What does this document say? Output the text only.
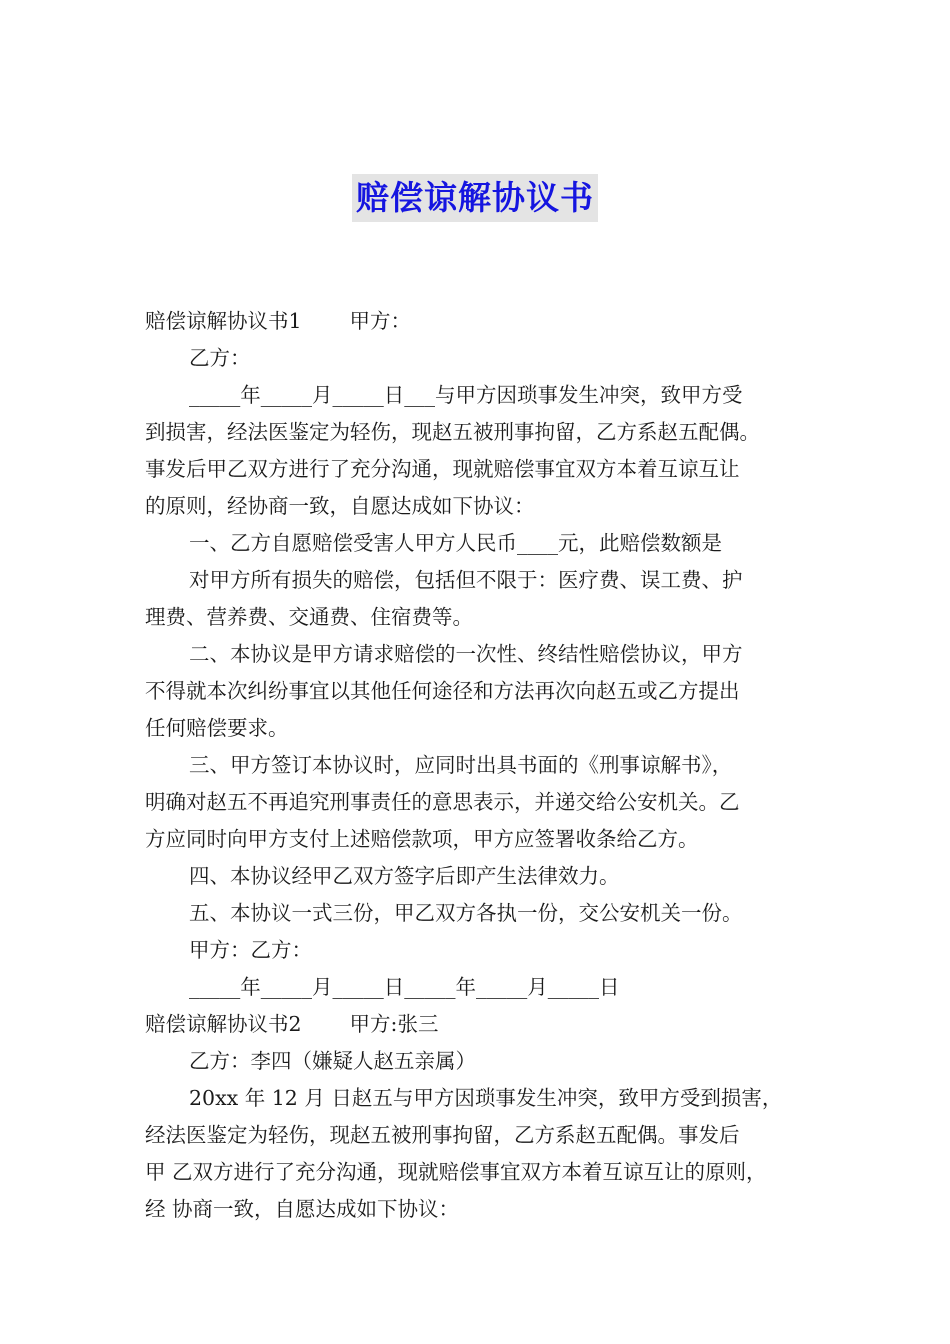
赔偿谅解协议书
赔偿谅解协议书1 甲方：
乙方：
_____年_____月_____日___与甲方因琐事发生冲突，致甲方受
到损害，经法医鉴定为轻伤，现赵五被刑事拘留，乙方系赵五配偶。
事发后甲乙双方进行了充分沟通，现就赔偿事宜双方本着互谅互让
的原则，经协商一致，自愿达成如下协议：
一、乙方自愿赔偿受害人甲方人民币____元，此赔偿数额是
对甲方所有损失的赔偿，包括但不限于：医疗费、误工费、护
理费、营养费、交通费、住宿费等。
二、本协议是甲方请求赔偿的一次性、终结性赔偿协议，甲方
不得就本次纠纷事宜以其他任何途径和方法再次向赵五或乙方提出
任何赔偿要求。
三、甲方签订本协议时，应同时出具书面的《刑事谅解书》，
明确对赵五不再追究刑事责任的意思表示，并递交给公安机关。乙
方应同时向甲方支付上述赔偿款项，甲方应签署收条给乙方。
四、本协议经甲乙双方签字后即产生法律效力。
五、本协议一式三份，甲乙双方各执一份，交公安机关一份。
甲方：乙方：
_____年_____月_____日_____年_____月_____日
赔偿谅解协议书2 甲方:张三
乙方：李四（嫌疑人赵五亲属）
20xx 年 12 月 日赵五与甲方因琐事发生冲突，致甲方受到损害，
经法医鉴定为轻伤，现赵五被刑事拘留，乙方系赵五配偶。事发后
甲 乙双方进行了充分沟通，现就赔偿事宜双方本着互谅互让的原则，
经 协商一致，自愿达成如下协议：
